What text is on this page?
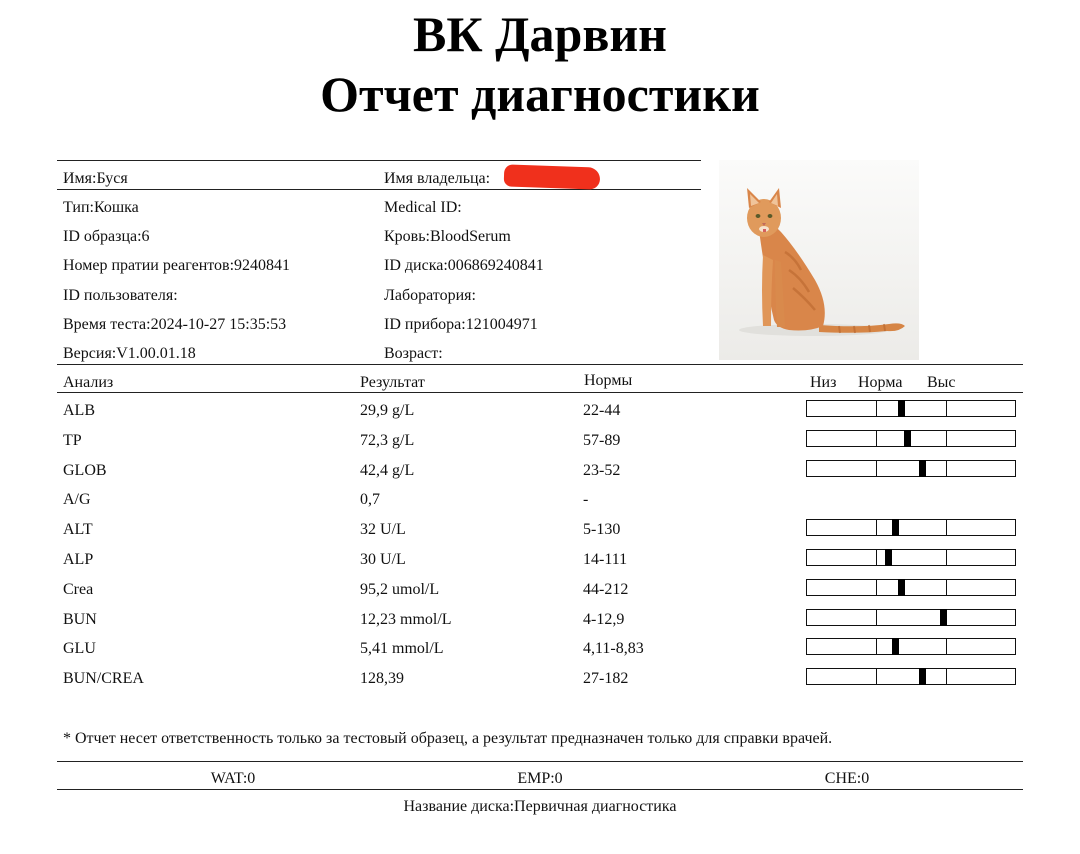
ВК Дарвин
Отчет диагностики
Имя:Буся	Имя владельца:
Тип:Кошка	Medical ID:
ID образца:6	Кровь:BloodSerum
Номер пратии реагентов:9240841	ID диска:006869240841
ID пользователя:	Лаборатория:
Время теста:2024-10-27 15:35:53	ID прибора:121004971
Версия:V1.00.01.18	Возраст:
Анализ	Результат	Нормы	Низ Норма Выс
ALB	29,9 g/L	22-44
TP	72,3 g/L	57-89
GLOB	42,4 g/L	23-52
A/G	0,7	-
ALT	32 U/L	5-130
ALP	30 U/L	14-111
Crea	95,2 umol/L	44-212
BUN	12,23 mmol/L	4-12,9
GLU	5,41 mmol/L	4,11-8,83
BUN/CREA	128,39	27-182
* Отчет несет ответственность только за тестовый образец, а результат предназначен только для справки врачей.
WAT:0	EMP:0	CHE:0
Название диска:Первичная диагностика
